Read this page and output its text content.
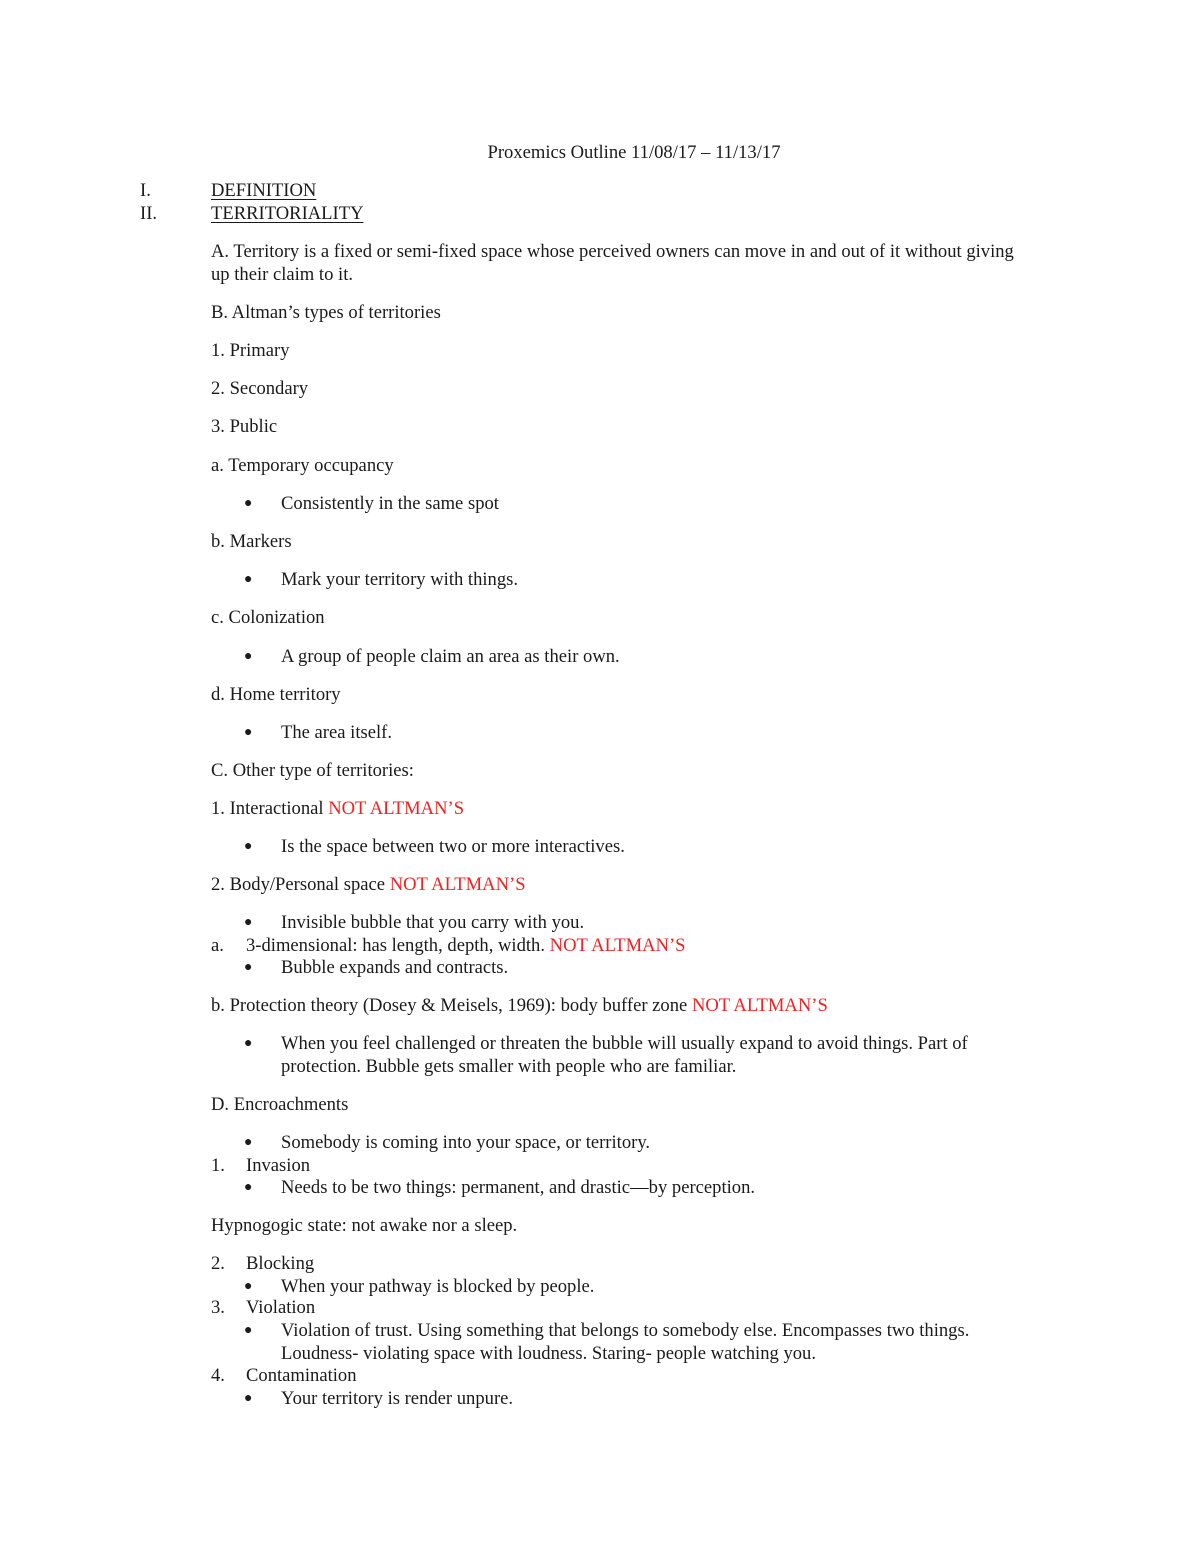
Proxemics Outline 11/08/17 – 11/13/17
I.	DEFINITION
II.	TERRITORIALITY
A. Territory is a fixed or semi-fixed space whose perceived owners can move in and out of it without giving
up their claim to it.
B. Altman’s types of territories
1. Primary
2. Secondary
3. Public
a. Temporary occupancy
● Consistently in the same spot
b. Markers
● Mark your territory with things.
c. Colonization
● A group of people claim an area as their own.
d. Home territory
● The area itself.
C. Other type of territories:
1. Interactional NOT ALTMAN’S
● Is the space between two or more interactives.
2. Body/Personal space NOT ALTMAN’S
● Invisible bubble that you carry with you.
a. 3-dimensional: has length, depth, width. NOT ALTMAN’S
● Bubble expands and contracts.
b. Protection theory (Dosey & Meisels, 1969): body buffer zone NOT ALTMAN’S
● When you feel challenged or threaten the bubble will usually expand to avoid things. Part of
protection. Bubble gets smaller with people who are familiar.
D. Encroachments
● Somebody is coming into your space, or territory.
1. Invasion
● Needs to be two things: permanent, and drastic—by perception.
Hypnogogic state: not awake nor a sleep.
2. Blocking
● When your pathway is blocked by people.
3. Violation
● Violation of trust. Using something that belongs to somebody else. Encompasses two things.
Loudness- violating space with loudness. Staring- people watching you.
4. Contamination
● Your territory is render unpure.
